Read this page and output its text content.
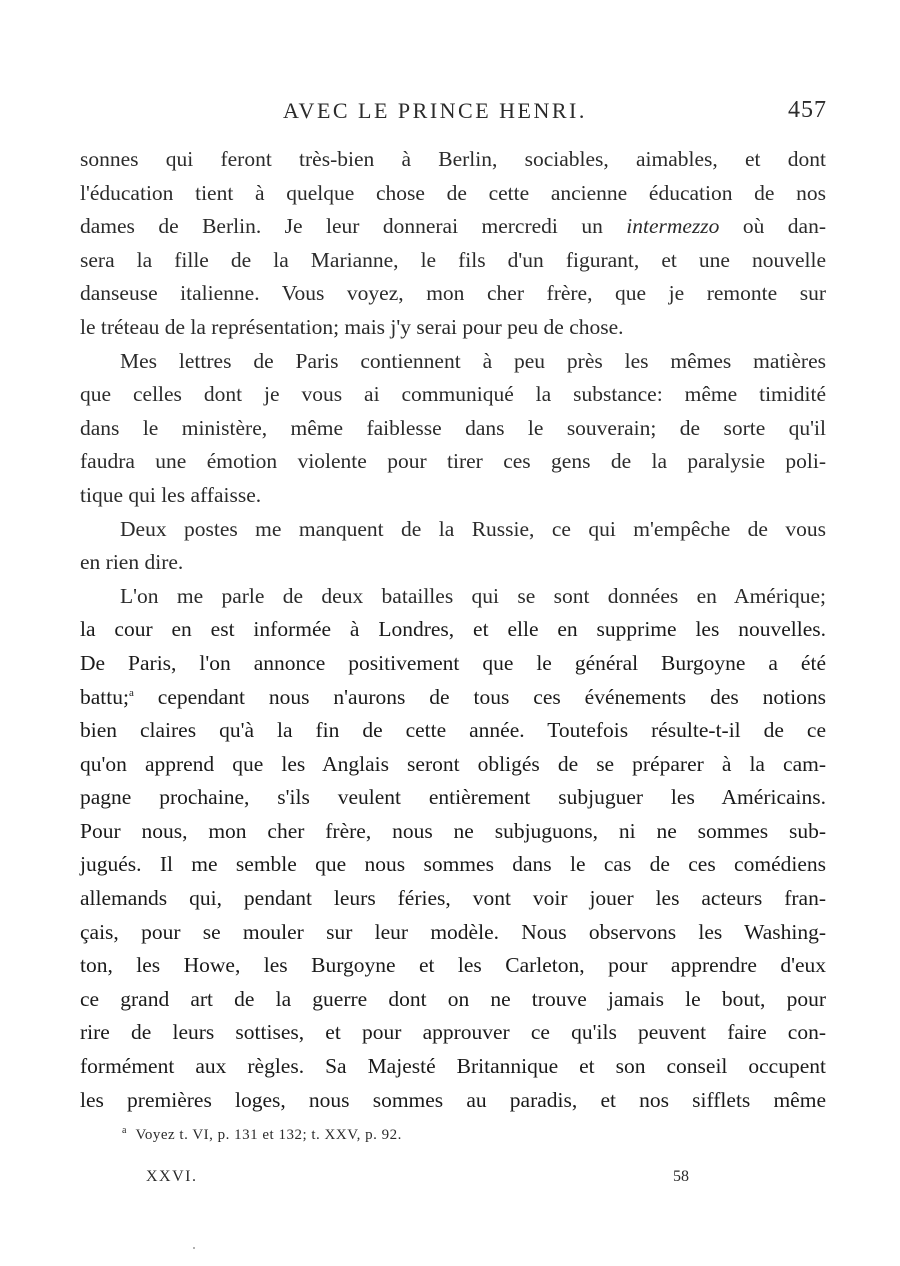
AVEC LE PRINCE HENRI.	457
sonnes qui feront très-bien à Berlin, sociables, aimables, et dont
l'éducation tient à quelque chose de cette ancienne éducation de nos
dames de Berlin. Je leur donnerai mercredi un intermezzo où dan-
sera la fille de la Marianne, le fils d'un figurant, et une nouvelle
danseuse italienne. Vous voyez, mon cher frère, que je remonte sur
le tréteau de la représentation; mais j'y serai pour peu de chose.
Mes lettres de Paris contiennent à peu près les mêmes matières
que celles dont je vous ai communiqué la substance: même timidité
dans le ministère, même faiblesse dans le souverain; de sorte qu'il
faudra une émotion violente pour tirer ces gens de la paralysie poli-
tique qui les affaisse.
Deux postes me manquent de la Russie, ce qui m'empêche de vous
en rien dire.
L'on me parle de deux batailles qui se sont données en Amérique;
la cour en est informée à Londres, et elle en supprime les nouvelles.
De Paris, l'on annonce positivement que le général Burgoyne a été
battu;$^a$ cependant nous n'aurons de tous ces événements des notions
bien claires qu'à la fin de cette année. Toutefois résulte-t-il de ce
qu'on apprend que les Anglais seront obligés de se préparer à la cam-
pagne prochaine, s'ils veulent entièrement subjuguer les Américains.
Pour nous, mon cher frère, nous ne subjuguons, ni ne sommes sub-
jugués. Il me semble que nous sommes dans le cas de ces comédiens
allemands qui, pendant leurs féries, vont voir jouer les acteurs fran-
çais, pour se mouler sur leur modèle. Nous observons les Washing-
ton, les Howe, les Burgoyne et les Carleton, pour apprendre d'eux
ce grand art de la guerre dont on ne trouve jamais le bout, pour
rire de leurs sottises, et pour approuver ce qu'ils peuvent faire con-
formément aux règles. Sa Majesté Britannique et son conseil occupent
les premières loges, nous sommes au paradis, et nos sifflets même
$^a$ Voyez t. VI, p. 131 et 132; t. XXV, p. 92.
XXVI.	58
